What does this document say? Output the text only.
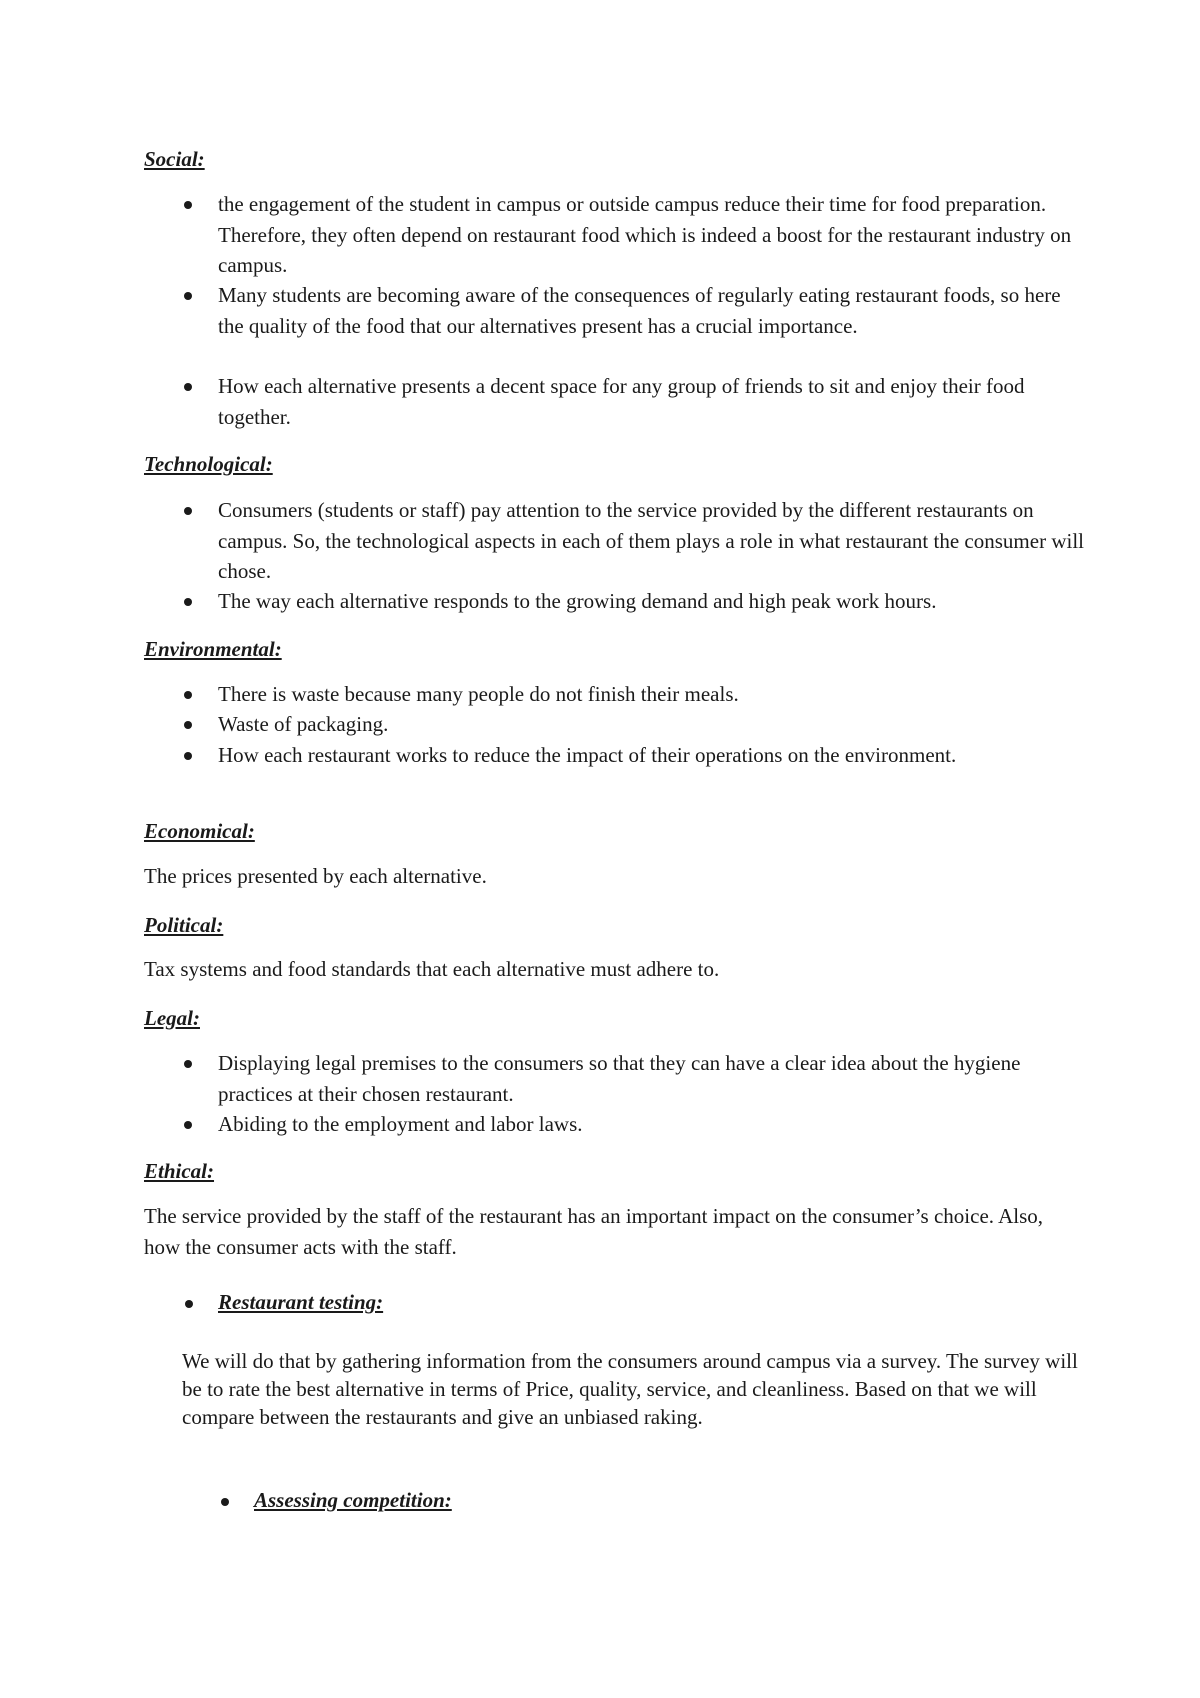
Social:
the engagement of the student in campus or outside campus reduce their time for food preparation. Therefore, they often depend on restaurant food which is indeed a boost for the restaurant industry on campus.
Many students are becoming aware of the consequences of regularly eating restaurant foods, so here the quality of the food that our alternatives present has a crucial importance.
How each alternative presents a decent space for any group of friends to sit and enjoy their food together.
Technological:
Consumers (students or staff) pay attention to the service provided by the different restaurants on campus. So, the technological aspects in each of them plays a role in what restaurant the consumer will chose.
The way each alternative responds to the growing demand and high peak work hours.
Environmental:
There is waste because many people do not finish their meals.
Waste of packaging.
How each restaurant works to reduce the impact of their operations on the environment.
Economical:
The prices presented by each alternative.
Political:
Tax systems and food standards that each alternative must adhere to.
Legal:
Displaying legal premises to the consumers so that they can have a clear idea about the hygiene practices at their chosen restaurant.
Abiding to the employment and labor laws.
Ethical:
The service provided by the staff of the restaurant has an important impact on the consumer’s choice. Also, how the consumer acts with the staff.
Restaurant testing:
We will do that by gathering information from the consumers around campus via a survey. The survey will be to rate the best alternative in terms of Price, quality, service, and cleanliness. Based on that we will compare between the restaurants and give an unbiased raking.
Assessing competition:
